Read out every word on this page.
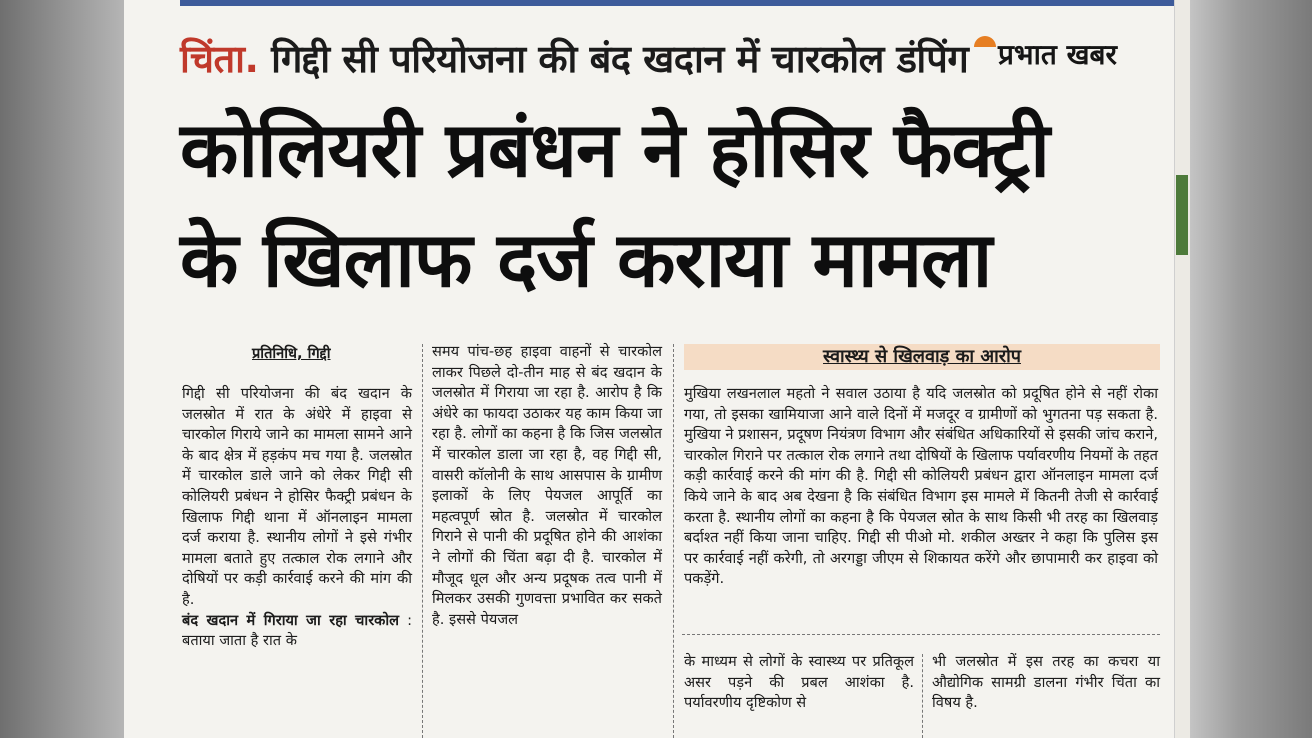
चिंता. गिद्दी सी परियोजना की बंद खदान में चारकोल डंपिंग	प्रभात खबर
कोलियरी प्रबंधन ने होसिर फैक्ट्री
के खिलाफ दर्ज कराया मामला
प्रतिनिधि, गिद्दी

गिद्दी सी परियोजना की बंद खदान के जलस्रोत में रात के अंधेरे में हाइवा से चारकोल गिराये जाने का मामला सामने आने के बाद क्षेत्र में हड़कंप मच गया है. जलस्रोत में चारकोल डाले जाने को लेकर गिद्दी सी कोलियरी प्रबंधन ने होसिर फैक्ट्री प्रबंधन के खिलाफ गिद्दी थाना में ऑनलाइन मामला दर्ज कराया है. स्थानीय लोगों ने इसे गंभीर मामला बताते हुए तत्काल रोक लगाने और दोषियों पर कड़ी कार्रवाई करने की मांग की है.

बंद खदान में गिराया जा रहा चारकोल : बताया जाता है रात के

समय पांच-छह हाइवा वाहनों से चारकोल लाकर पिछले दो-तीन माह से बंद खदान के जलस्रोत में गिराया जा रहा है. आरोप है कि अंधेरे का फायदा उठाकर यह काम किया जा रहा है. लोगों का कहना है कि जिस जलस्रोत में चारकोल डाला जा रहा है, वह गिद्दी सी, वासरी कॉलोनी के साथ आसपास के ग्रामीण इलाकों के लिए पेयजल आपूर्ति का महत्वपूर्ण स्रोत है. जलस्रोत में चारकोल गिराने से पानी की प्रदूषित होने की आशंका ने लोगों की चिंता बढ़ा दी है. चारकोल में मौजूद धूल और अन्य प्रदूषक तत्व पानी में मिलकर उसकी गुणवत्ता प्रभावित कर सकते है. इससे पेयजल

स्वास्थ्य से खिलवाड़ का आरोप

मुखिया लखनलाल महतो ने सवाल उठाया है यदि जलस्रोत को प्रदूषित होने से नहीं रोका गया, तो इसका खामियाजा आने वाले दिनों में मजदूर व ग्रामीणों को भुगतना पड़ सकता है. मुखिया ने प्रशासन, प्रदूषण नियंत्रण विभाग और संबंधित अधिकारियों से इसकी जांच कराने, चारकोल गिराने पर तत्काल रोक लगाने तथा दोषियों के खिलाफ पर्यावरणीय नियमों के तहत कड़ी कार्रवाई करने की मांग की है. गिद्दी सी कोलियरी प्रबंधन द्वारा ऑनलाइन मामला दर्ज किये जाने के बाद अब देखना है कि संबंधित विभाग इस मामले में कितनी तेजी से कार्रवाई करता है. स्थानीय लोगों का कहना है कि पेयजल स्रोत के साथ किसी भी तरह का खिलवाड़ बर्दाश्त नहीं किया जाना चाहिए. गिद्दी सी पीओ मो. शकील अख्तर ने कहा कि पुलिस इस पर कार्रवाई नहीं करेगी, तो अरगड्डा जीएम से शिकायत करेंगे और छापामारी कर हाइवा को पकड़ेंगे.

के माध्यम से लोगों के स्वास्थ्य पर प्रतिकूल असर पड़ने की प्रबल आशंका है. पर्यावरणीय दृष्टिकोण से

भी जलस्रोत में इस तरह का कचरा या औद्योगिक सामग्री डालना गंभीर चिंता का विषय है.
